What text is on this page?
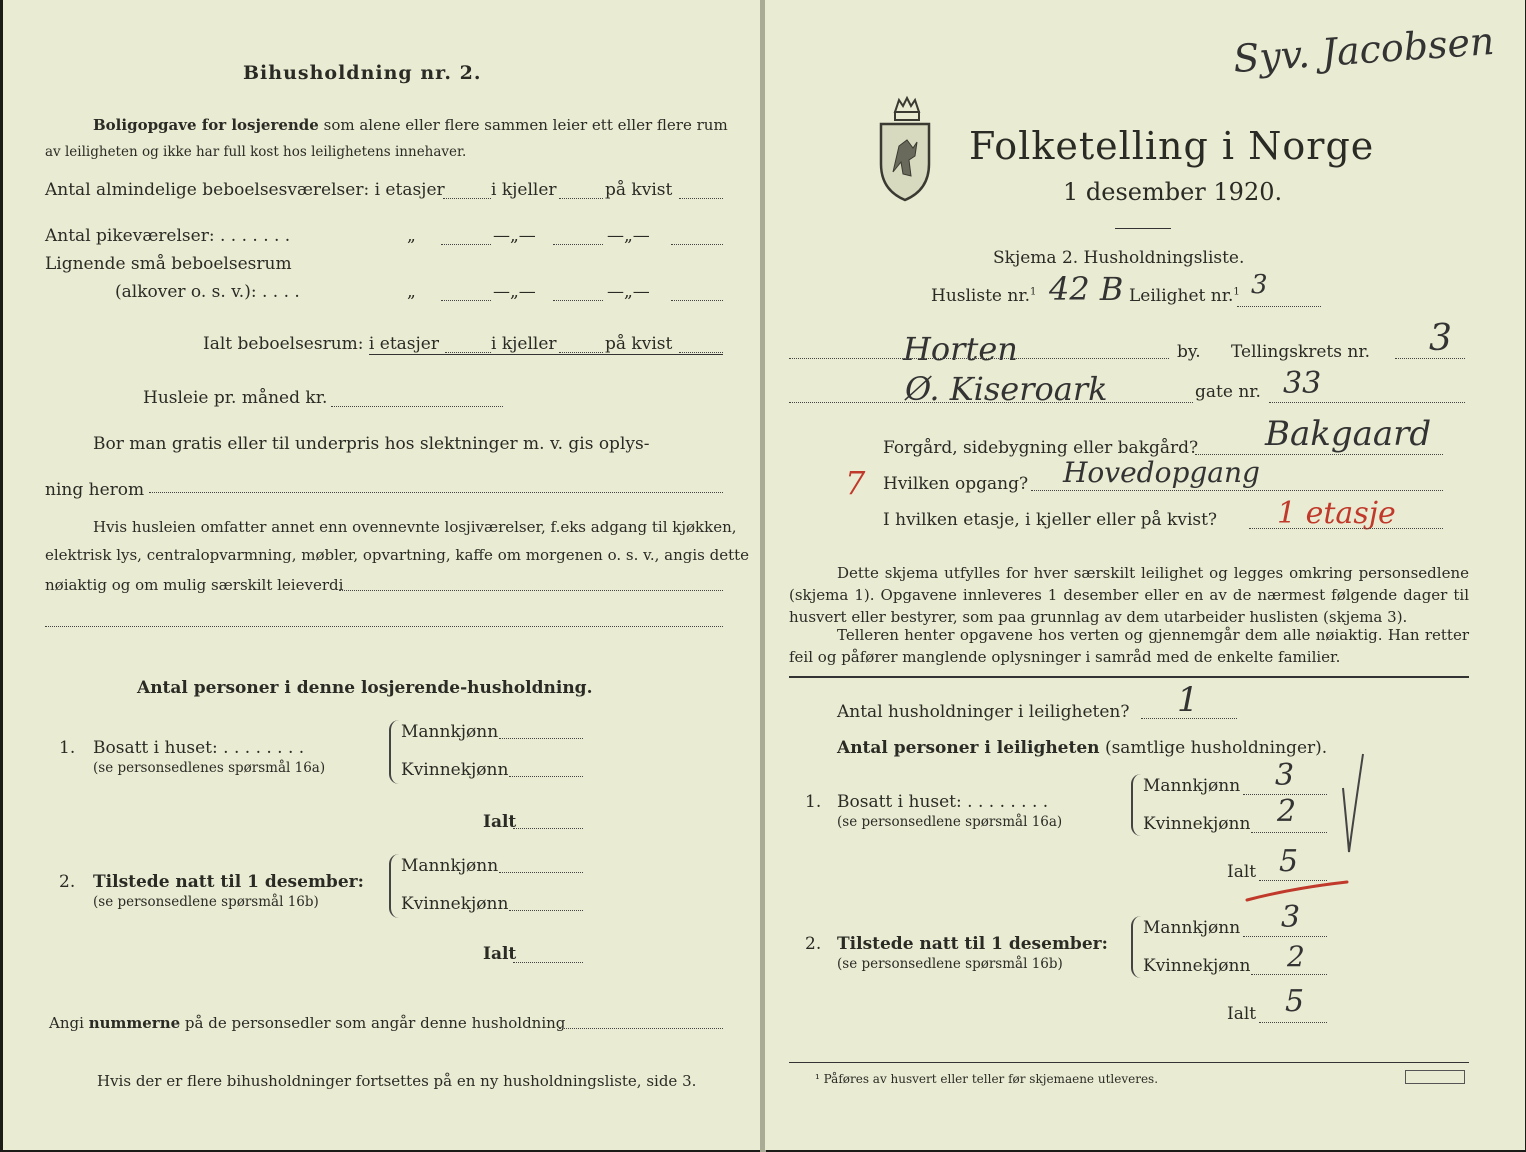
Bihusholdning nr. 2.
Boligopgave for losjerende som alene eller flere sammen leier ett eller flere rum
av leiligheten og ikke har full kost hos leilighetens innehaver.
Antal almindelige beboelsesværelser: i etasjer	i kjeller	på kvist
Antal pikeværelser: . . . . . . .	„	—„—	—„—
Lignende små beboelsesrum
(alkover o. s. v.): . . . .	„	—„—	—„—
Ialt beboelsesrum: i etasjer	i kjeller	på kvist
Husleie pr. måned kr.
Bor man gratis eller til underpris hos slektninger m. v. gis oplys-
ning herom
Hvis husleien omfatter annet enn ovennevnte losjiværelser, f.eks adgang til kjøkken,
elektrisk lys, centralopvarmning, møbler, opvartning, kaffe om morgenen o. s. v., angis dette
nøiaktig og om mulig særskilt leieverdi
Antal personer i denne losjerende-husholdning.
1. Bosatt i huset: . . . . . . . .
(se personsedlenes spørsmål 16a)
Mannkjønn
Kvinnekjønn
Ialt
2. Tilstede natt til 1 desember:
(se personsedlene spørsmål 16b)
Mannkjønn
Kvinnekjønn
Ialt
Angi nummerne på de personsedler som angår denne husholdning
Hvis der er flere bihusholdninger fortsettes på en ny husholdningsliste, side 3.
Syv. Jacobsen
Folketelling i Norge
1 desember 1920.
Skjema 2. Husholdningsliste.
Husliste nr.$^1$ 42 B Leilighet nr.$^1$ 3
Horten	by. Tellingskrets nr. 3
Ø. Kiseroark	gate nr. 33
Forgård, sidebygning eller bakgård? Bakgaard
7 Hvilken opgang? Hovedopgang
I hvilken etasje, i kjeller eller på kvist? 1 etasje
Dette skjema utfylles for hver særskilt leilighet og legges omkring personsedlene (skjema 1). Opgavene innleveres 1 desember eller en av de nærmest følgende dager til husvert eller bestyrer, som paa grunnlag av dem utarbeider huslisten (skjema 3).
Telleren henter opgavene hos verten og gjennemgår dem alle nøiaktig. Han retter feil og påfører manglende oplysninger i samråd med de enkelte familier.
Antal husholdninger i leiligheten? 1
Antal personer i leiligheten (samtlige husholdninger).
1. Bosatt i huset: . . . . . . . .
(se personsedlene spørsmål 16a)
Mannkjønn 3
Kvinnekjønn 2
Ialt 5
2. Tilstede natt til 1 desember:
(se personsedlene spørsmål 16b)
Mannkjønn 3
Kvinnekjønn 2
Ialt 5
¹ Påføres av husvert eller teller før skjemaene utleveres.
